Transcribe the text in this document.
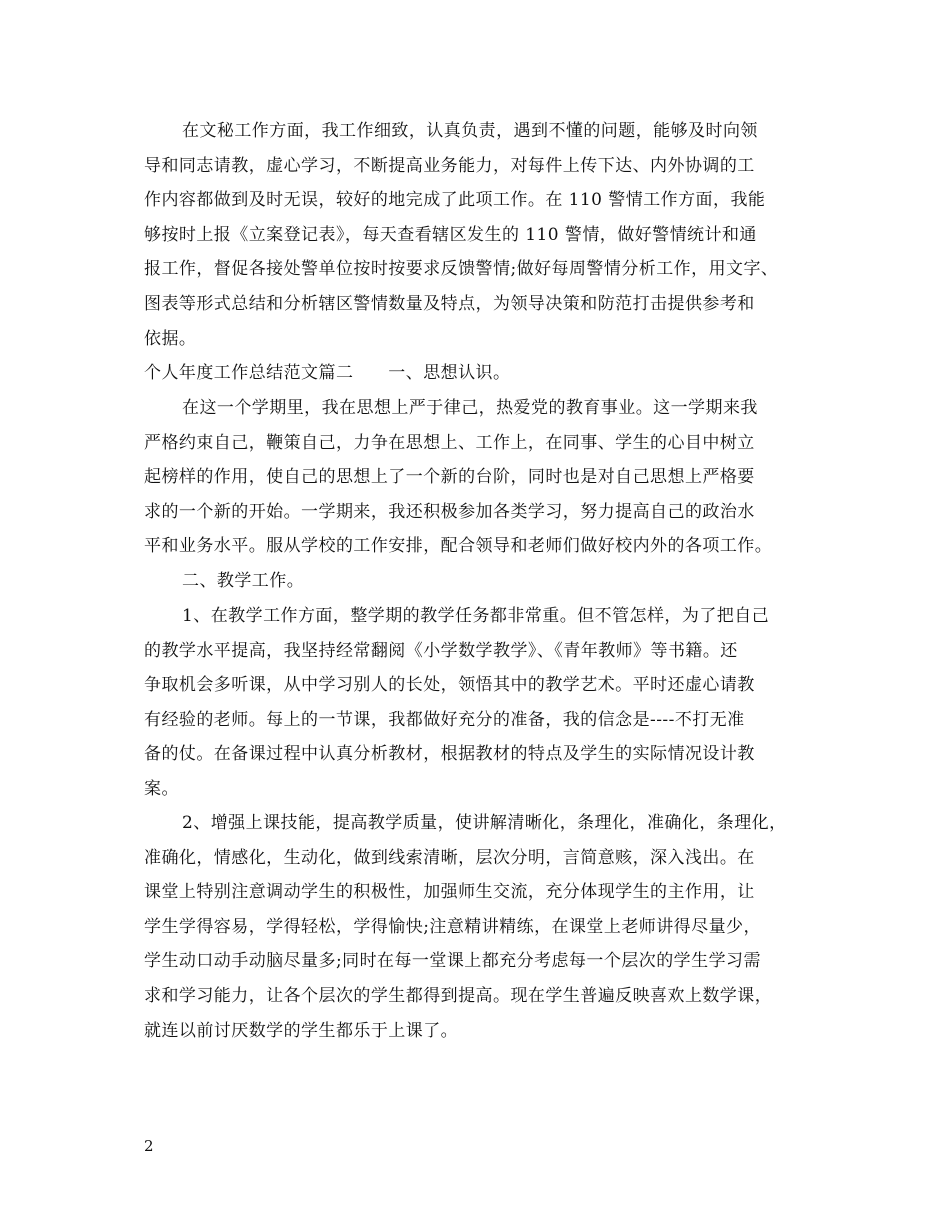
在文秘工作方面，我工作细致，认真负责，遇到不懂的问题，能够及时向领
导和同志请教，虚心学习，不断提高业务能力，对每件上传下达、内外协调的工
作内容都做到及时无误，较好的地完成了此项工作。在 110 警情工作方面，我能
够按时上报《立案登记表》，每天查看辖区发生的 110 警情，做好警情统计和通
报工作，督促各接处警单位按时按要求反馈警情;做好每周警情分析工作，用文字、
图表等形式总结和分析辖区警情数量及特点，为领导决策和防范打击提供参考和
依据。
个人年度工作总结范文篇二　　一、思想认识。
在这一个学期里，我在思想上严于律己，热爱党的教育事业。这一学期来我
严格约束自己，鞭策自己，力争在思想上、工作上，在同事、学生的心目中树立
起榜样的作用，使自己的思想上了一个新的台阶，同时也是对自己思想上严格要
求的一个新的开始。一学期来，我还积极参加各类学习，努力提高自己的政治水
平和业务水平。服从学校的工作安排，配合领导和老师们做好校内外的各项工作。
二、教学工作。
1、在教学工作方面，整学期的教学任务都非常重。但不管怎样，为了把自己
的教学水平提高，我坚持经常翻阅《小学数学教学》、《青年教师》等书籍。还
争取机会多听课，从中学习别人的长处，领悟其中的教学艺术。平时还虚心请教
有经验的老师。每上的一节课，我都做好充分的准备，我的信念是----不打无准
备的仗。在备课过程中认真分析教材，根据教材的特点及学生的实际情况设计教
案。
2、增强上课技能，提高教学质量，使讲解清晰化，条理化，准确化，条理化，
准确化，情感化，生动化，做到线索清晰，层次分明，言简意赅，深入浅出。在
课堂上特别注意调动学生的积极性，加强师生交流，充分体现学生的主作用，让
学生学得容易，学得轻松，学得愉快;注意精讲精练，在课堂上老师讲得尽量少，
学生动口动手动脑尽量多;同时在每一堂课上都充分考虑每一个层次的学生学习需
求和学习能力，让各个层次的学生都得到提高。现在学生普遍反映喜欢上数学课，
就连以前讨厌数学的学生都乐于上课了。
2
